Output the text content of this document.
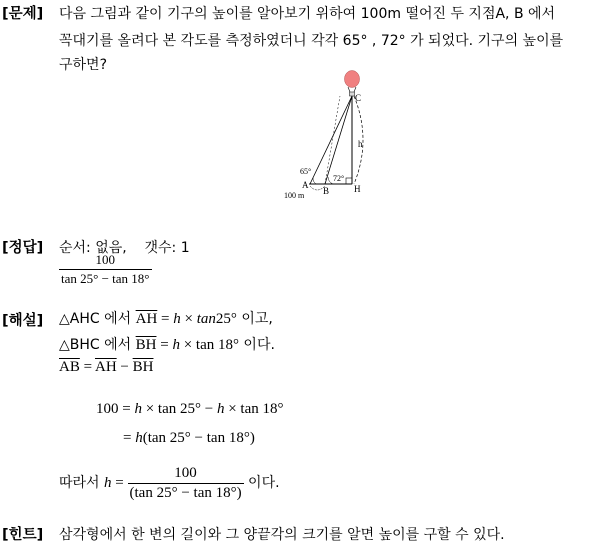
[문제] 다음 그림과 같이 기구의 높이를 알아보기 위하여 100m 떨어진 두 지점A, B 에서
꼭대기를 올려다 본 각도를 측정하였더니 각각 65° , 72° 가 되었다. 기구의 높이를
구하면?
C
h
65°
72°
A
B	H
100 m
[정답] 순서: 없음,    갯수: 1
$\frac{100}{\tan 25^\circ - \tan 18^\circ}$
[해설] △AHC 에서 $\overline{AH} = h \times \tan 25^\circ$ 이고,
△BHC 에서 $\overline{BH} = h \times \tan 18^\circ$ 이다.
$\overline{AB} = \overline{AH} - \overline{BH}$
100 = h × tan 25° − h × tan 18°
= h(tan 25° − tan 18°)
따라서 $h = \frac{100}{(\tan 25^\circ - \tan 18^\circ)}$ 이다.
[힌트] 삼각형에서 한 변의 길이와 그 양끝각의 크기를 알면 높이를 구할 수 있다.
